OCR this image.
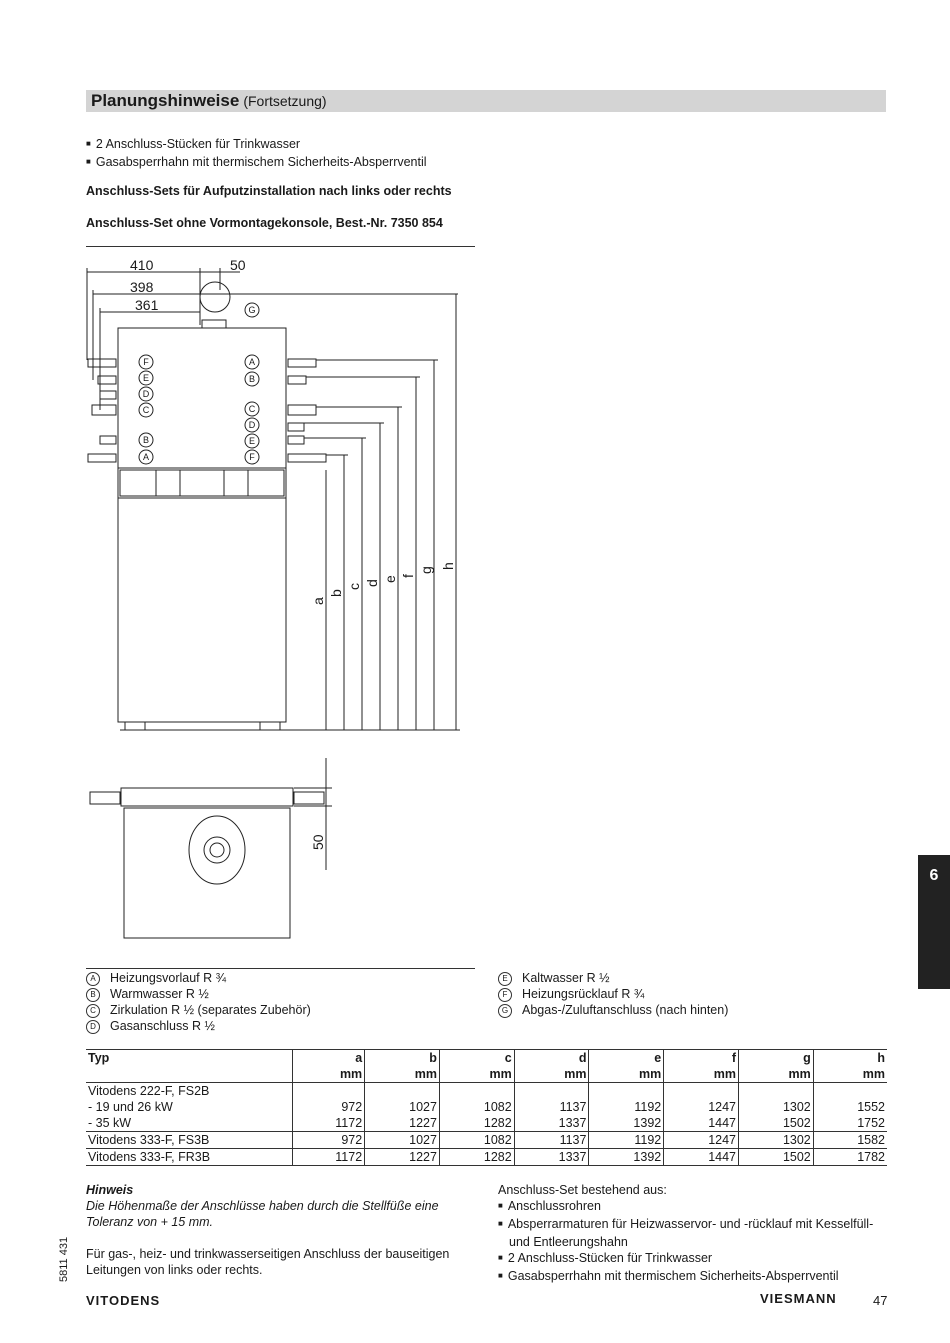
Planungshinweise (Fortsetzung)
■ 2 Anschluss-Stücken für Trinkwasser
■ Gasabsperrhahn mit thermischem Sicherheits-Absperrventil
Anschluss-Sets für Aufputzinstallation nach links oder rechts
Anschluss-Set ohne Vormontagekonsole, Best.-Nr. 7350 854
410	50
398
361
a
b
c d
e f
g
h
50
F
E
D
C
B
A
A
B
C
D
E
F
G
A Heizungsvorlauf R ¾
B Warmwasser R ½
C Zirkulation R ½ (separates Zubehör)
D Gasanschluss R ½
E Kaltwasser R ½
F Heizungsrücklauf R ¾
G Abgas-/Zuluftanschluss (nach hinten)
Typ	a	b	c	d	e	f	g	h
	mm	mm	mm	mm	mm	mm	mm	mm
Vitodens 222-F, FS2B								
- 19 und 26 kW	972	1027	1082	1137	1192	1247	1302	1552
- 35 kW	1172	1227	1282	1337	1392	1447	1502	1752
Vitodens 333-F, FS3B	972	1027	1082	1137	1192	1247	1302	1582
Vitodens 333-F, FR3B	1172	1227	1282	1337	1392	1447	1502	1782
Hinweis
Die Höhenmaße der Anschlüsse haben durch die Stellfüße eine Toleranz von + 15 mm.
Für gas-, heiz- und trinkwasserseitigen Anschluss der bauseitigen Leitungen von links oder rechts.
Anschluss-Set bestehend aus:
■ Anschlussrohren
■ Absperrarmaturen für Heizwasservor- und -rücklauf mit Kesselfüll- und Entleerungshahn
■ 2 Anschluss-Stücken für Trinkwasser
■ Gasabsperrhahn mit thermischem Sicherheits-Absperrventil
6
5811 431
VITODENS	VIESMANN	47
